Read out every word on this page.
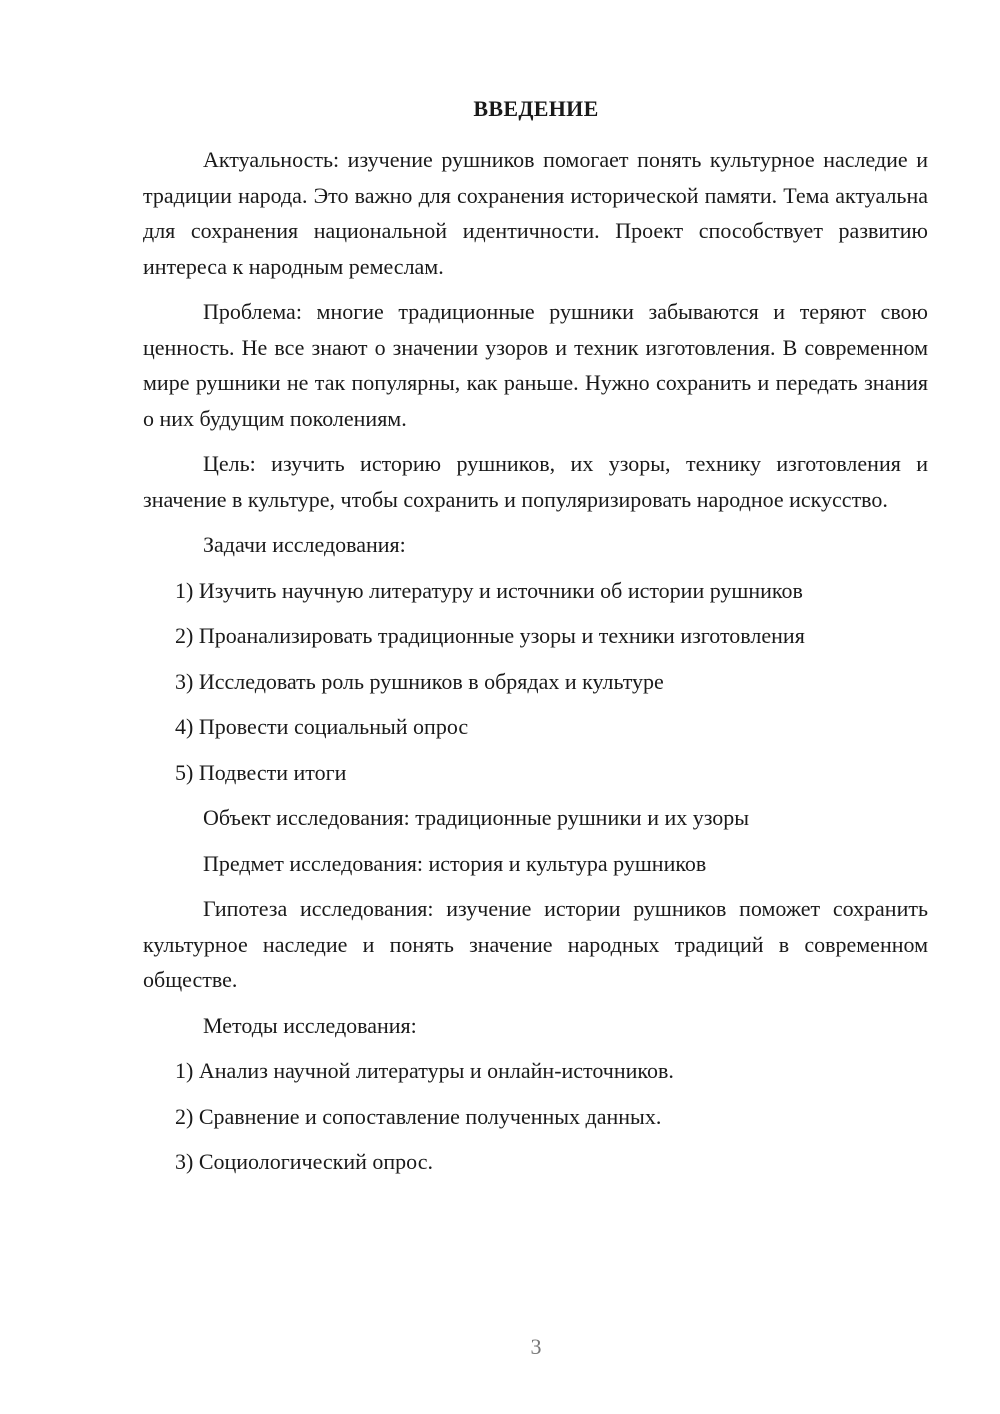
ВВЕДЕНИЕ

Актуальность: изучение рушников помогает понять культурное наследие и традиции народа. Это важно для сохранения исторической памяти. Тема актуальна для сохранения национальной идентичности. Проект способствует развитию интереса к народным ремеслам.

Проблема: многие традиционные рушники забываются и теряют свою ценность. Не все знают о значении узоров и техник изготовления. В современном мире рушники не так популярны, как раньше. Нужно сохранить и передать знания о них будущим поколениям.

Цель: изучить историю рушников, их узоры, технику изготовления и значение в культуре, чтобы сохранить и популяризировать народное искусство.

Задачи исследования:

1) Изучить научную литературу и источники об истории рушников
2) Проанализировать традиционные узоры и техники изготовления
3) Исследовать роль рушников в обрядах и культуре
4) Провести социальный опрос
5) Подвести итоги

Объект исследования: традиционные рушники и их узоры

Предмет исследования: история и культура рушников

Гипотеза исследования: изучение истории рушников поможет сохранить культурное наследие и понять значение народных традиций в современном обществе.

Методы исследования:

1) Анализ научной литературы и онлайн-источников.
2) Сравнение и сопоставление полученных данных.
3) Социологический опрос.
3
